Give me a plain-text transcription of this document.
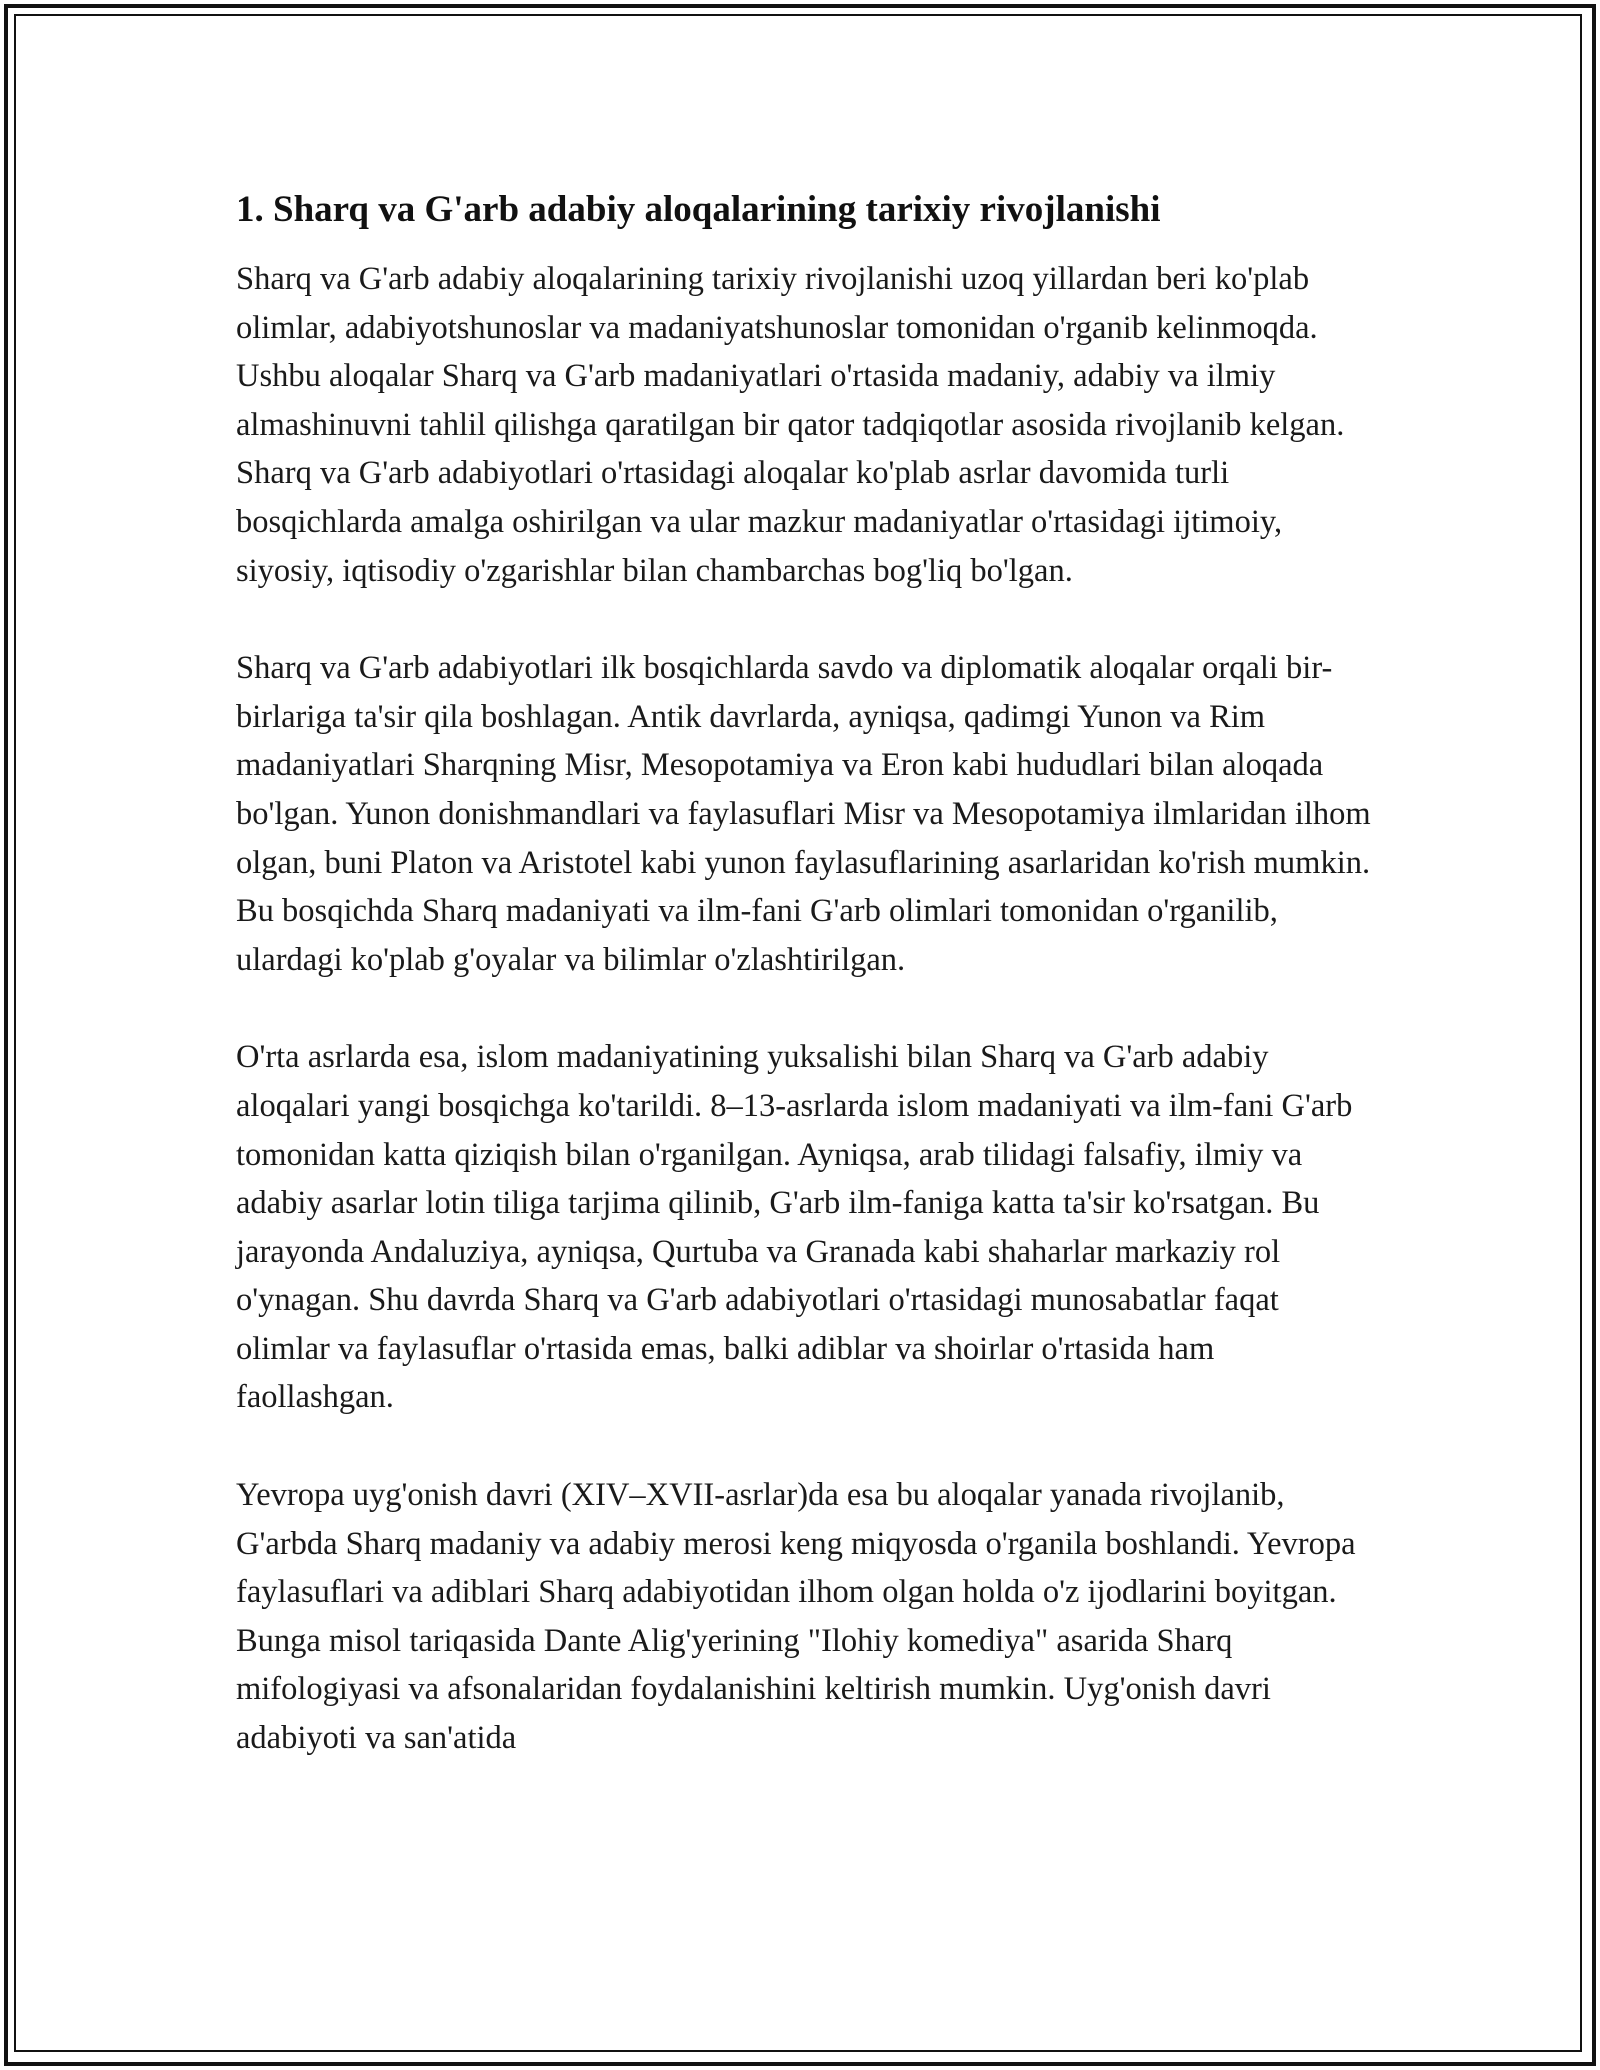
1. Sharq va G'arb adabiy aloqalarining tarixiy rivojlanishi

Sharq va G'arb adabiy aloqalarining tarixiy rivojlanishi uzoq yillardan beri ko'plab olimlar, adabiyotshunoslar va madaniyatshunoslar tomonidan o'rganib kelinmoqda. Ushbu aloqalar Sharq va G'arb madaniyatlari o'rtasida madaniy, adabiy va ilmiy almashinuvni tahlil qilishga qaratilgan bir qator tadqiqotlar asosida rivojlanib kelgan. Sharq va G'arb adabiyotlari o'rtasidagi aloqalar ko'plab asrlar davomida turli bosqichlarda amalga oshirilgan va ular mazkur madaniyatlar o'rtasidagi ijtimoiy, siyosiy, iqtisodiy o'zgarishlar bilan chambarchas bog'liq bo'lgan.

Sharq va G'arb adabiyotlari ilk bosqichlarda savdo va diplomatik aloqalar orqali bir-birlariga ta'sir qila boshlagan. Antik davrlarda, ayniqsa, qadimgi Yunon va Rim madaniyatlari Sharqning Misr, Mesopotamiya va Eron kabi hududlari bilan aloqada bo'lgan. Yunon donishmandlari va faylasuflari Misr va Mesopotamiya ilmlaridan ilhom olgan, buni Platon va Aristotel kabi yunon faylasuflarining asarlaridan ko'rish mumkin. Bu bosqichda Sharq madaniyati va ilm-fani G'arb olimlari tomonidan o'rganilib, ulardagi ko'plab g'oyalar va bilimlar o'zlashtirilgan.

O'rta asrlarda esa, islom madaniyatining yuksalishi bilan Sharq va G'arb adabiy aloqalari yangi bosqichga ko'tarildi. 8–13-asrlarda islom madaniyati va ilm-fani G'arb tomonidan katta qiziqish bilan o'rganilgan. Ayniqsa, arab tilidagi falsafiy, ilmiy va adabiy asarlar lotin tiliga tarjima qilinib, G'arb ilm-faniga katta ta'sir ko'rsatgan. Bu jarayonda Andaluziya, ayniqsa, Qurtuba va Granada kabi shaharlar markaziy rol o'ynagan. Shu davrda Sharq va G'arb adabiyotlari o'rtasidagi munosabatlar faqat olimlar va faylasuflar o'rtasida emas, balki adiblar va shoirlar o'rtasida ham faollashgan.

Yevropa uyg'onish davri (XIV–XVII-asrlar)da esa bu aloqalar yanada rivojlanib, G'arbda Sharq madaniy va adabiy merosi keng miqyosda o'rganila boshlandi. Yevropa faylasuflari va adiblari Sharq adabiyotidan ilhom olgan holda o'z ijodlarini boyitgan. Bunga misol tariqasida Dante Alig'yerining "Ilohiy komediya" asarida Sharq mifologiyasi va afsonalaridan foydalanishini keltirish mumkin. Uyg'onish davri adabiyoti va san'atida
